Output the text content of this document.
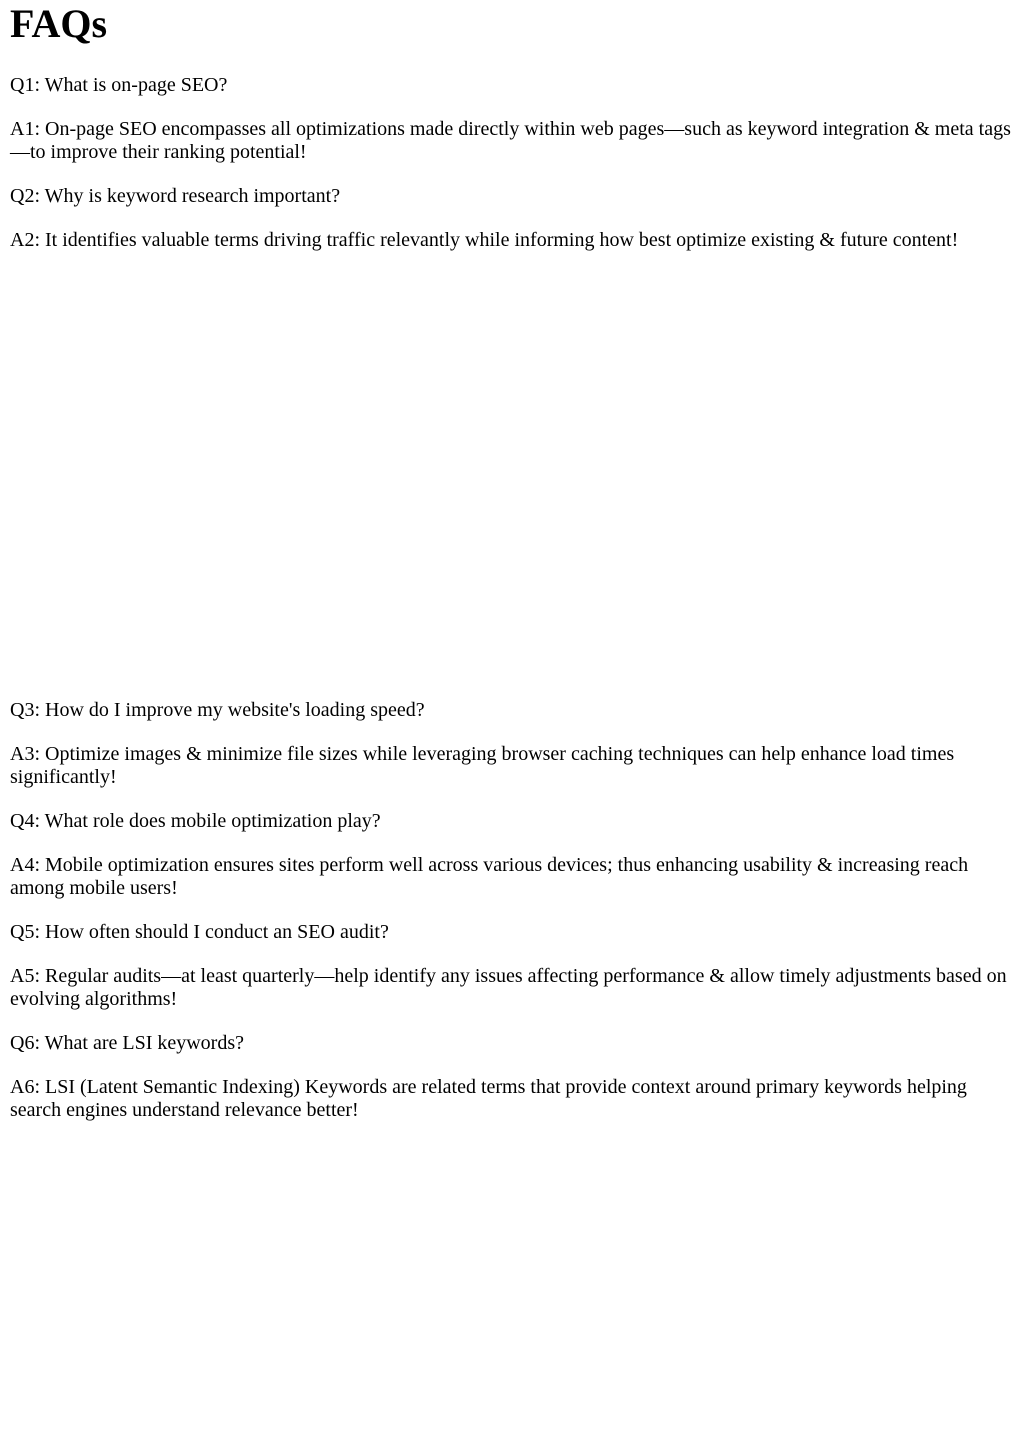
FAQs

Q1: What is on-page SEO?

A1: On-page SEO encompasses all optimizations made directly within web pages—such as keyword integration & meta tags—to improve their ranking potential!

Q2: Why is keyword research important?

A2: It identifies valuable terms driving traffic relevantly while informing how best optimize existing & future content!

Q3: How do I improve my website's loading speed?

A3: Optimize images & minimize file sizes while leveraging browser caching techniques can help enhance load times significantly!

Q4: What role does mobile optimization play?

A4: Mobile optimization ensures sites perform well across various devices; thus enhancing usability & increasing reach among mobile users!

Q5: How often should I conduct an SEO audit?

A5: Regular audits—at least quarterly—help identify any issues affecting performance & allow timely adjustments based on evolving algorithms!

Q6: What are LSI keywords?

A6: LSI (Latent Semantic Indexing) Keywords are related terms that provide context around primary keywords helping search engines understand relevance better!
